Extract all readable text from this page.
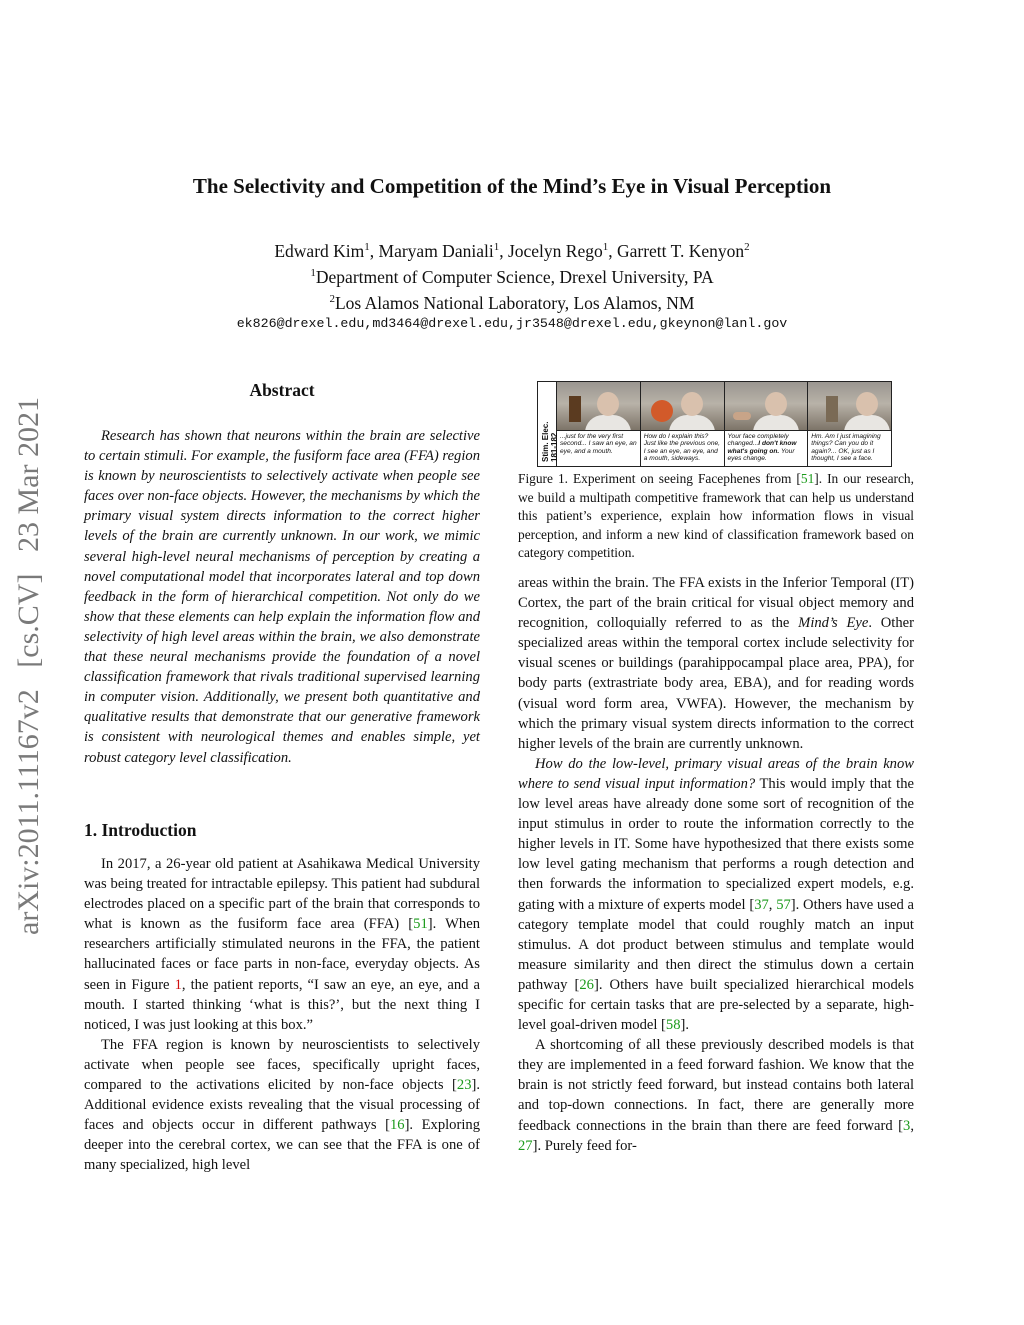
arXiv:2011.11167v2 [cs.CV] 23 Mar 2021
The Selectivity and Competition of the Mind’s Eye in Visual Perception
Edward Kim$^1$, Maryam Daniali$^1$, Jocelyn Rego$^1$, Garrett T. Kenyon$^2$
$^1$Department of Computer Science, Drexel University, PA
$^2$Los Alamos National Laboratory, Los Alamos, NM
ek826@drexel.edu,md3464@drexel.edu,jr3548@drexel.edu,gkeynon@lanl.gov
Abstract

Research has shown that neurons within the brain are selective to certain stimuli. For example, the fusiform face area (FFA) region is known by neuroscientists to selectively activate when people see faces over non-face objects. However, the mechanisms by which the primary visual system directs information to the correct higher levels of the brain are currently unknown. In our work, we mimic several high-level neural mechanisms of perception by creating a novel computational model that incorporates lateral and top down feedback in the form of hierarchical competition. Not only do we show that these elements can help explain the information flow and selectivity of high level areas within the brain, we also demonstrate that these neural mechanisms provide the foundation of a novel classification framework that rivals traditional supervised learning in computer vision. Additionally, we present both quantitative and qualitative results that demonstrate that our generative framework is consistent with neurological themes and enables simple, yet robust category level classification.

1. Introduction

In 2017, a 26-year old patient at Asahikawa Medical University was being treated for intractable epilepsy. This patient had subdural electrodes placed on a specific part of the brain that corresponds to what is known as the fusiform face area (FFA) [51]. When researchers artificially stimulated neurons in the FFA, the patient hallucinated faces or face parts in non-face, everyday objects. As seen in Figure 1, the patient reports, “I saw an eye, an eye, and a mouth. I started thinking ‘what is this?’, but the next thing I noticed, I was just looking at this box.”

The FFA region is known by neuroscientists to selectively activate when people see faces, specifically upright faces, compared to the activations elicited by non-face objects [23]. Additional evidence exists revealing that the visual processing of faces and objects occur in different pathways [16]. Exploring deeper into the cerebral cortex, we can see that the FFA is one of many specialized, high level

Stim. Elec.
181-182 ...just for the very first second... I saw an eye, an eye, and a mouth.
How do I explain this? Just like the previous one, I see an eye, an eye, and a mouth, sideways.
Your face completely changed...I don't know what's going on. Your eyes change.
Hm. Am I just imagining things? Can you do it again?... OK, just as I thought, I see a face.

Figure 1. Experiment on seeing Facephenes from [51]. In our research, we build a multipath competitive framework that can help us understand this patient’s experience, explain how information flows in visual perception, and inform a new kind of classification framework based on category competition.

areas within the brain. The FFA exists in the Inferior Temporal (IT) Cortex, the part of the brain critical for visual object memory and recognition, colloquially referred to as the Mind’s Eye. Other specialized areas within the temporal cortex include selectivity for visual scenes or buildings (parahippocampal place area, PPA), for body parts (extrastriate body area, EBA), and for reading words (visual word form area, VWFA). However, the mechanism by which the primary visual system directs information to the correct higher levels of the brain are currently unknown.

How do the low-level, primary visual areas of the brain know where to send visual input information? This would imply that the low level areas have already done some sort of recognition of the input stimulus in order to route the information correctly to the higher levels in IT. Some have hypothesized that there exists some low level gating mechanism that performs a rough detection and then forwards the information to specialized expert models, e.g. gating with a mixture of experts model [37, 57]. Others have used a category template model that could roughly match an input stimulus. A dot product between stimulus and template would measure similarity and then direct the stimulus down a certain pathway [26]. Others have built specialized hierarchical models specific for certain tasks that are pre-selected by a separate, high-level goal-driven model [58].

A shortcoming of all these previously described models is that they are implemented in a feed forward fashion. We know that the brain is not strictly feed forward, but instead contains both lateral and top-down connections. In fact, there are generally more feedback connections in the brain than there are feed forward [3, 27]. Purely feed for-
